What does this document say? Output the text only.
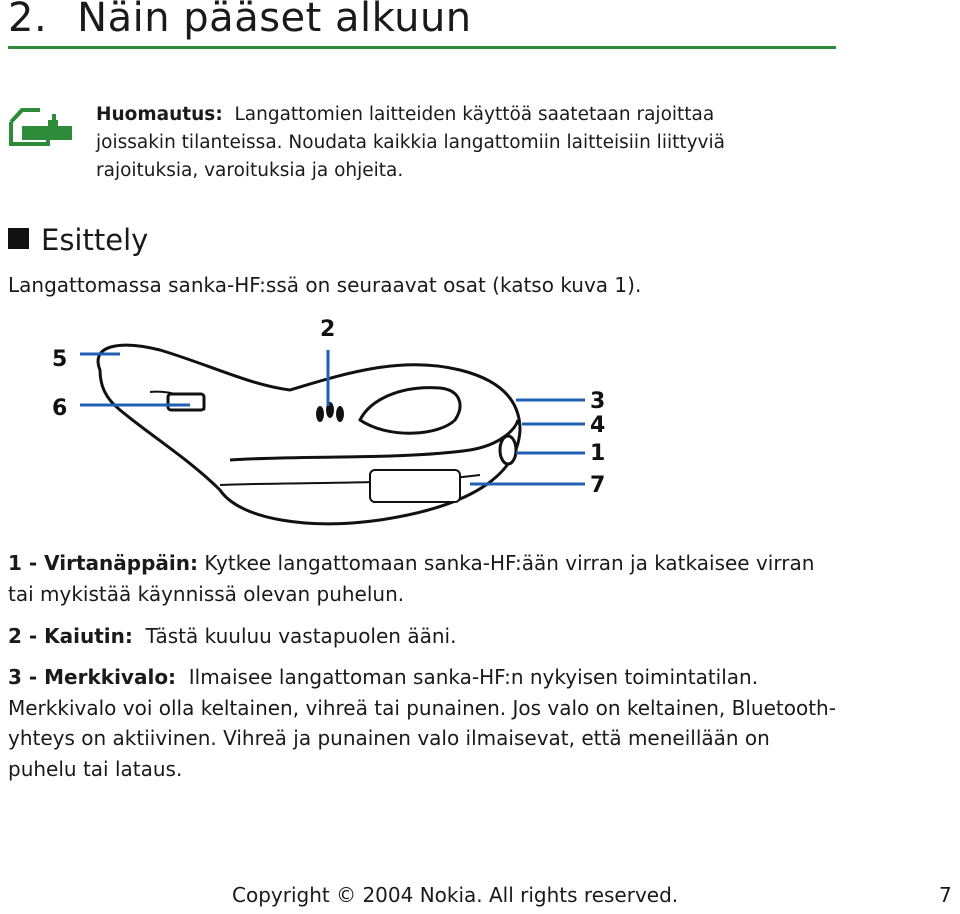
2. Näin pääset alkuun
Huomautus: Langattomien laitteiden käyttöä saatetaan rajoittaa joissakin tilanteissa. Noudata kaikkia langattomiin laitteisiin liittyviä rajoituksia, varoituksia ja ohjeita.
Esittely
Langattomassa sanka-HF:ssä on seuraavat osat (katso kuva 1).
5
6
2
3
4
1
7
1 - Virtanäppäin: Kytkee langattomaan sanka-HF:ään virran ja katkaisee virran tai mykistää käynnissä olevan puhelun.
2 - Kaiutin: Tästä kuuluu vastapuolen ääni.
3 - Merkkivalo: Ilmaisee langattoman sanka-HF:n nykyisen toimintatilan. Merkkivalo voi olla keltainen, vihreä tai punainen. Jos valo on keltainen, Bluetooth-yhteys on aktiivinen. Vihreä ja punainen valo ilmaisevat, että meneillään on puhelu tai lataus.
Copyright © 2004 Nokia. All rights reserved.	7
